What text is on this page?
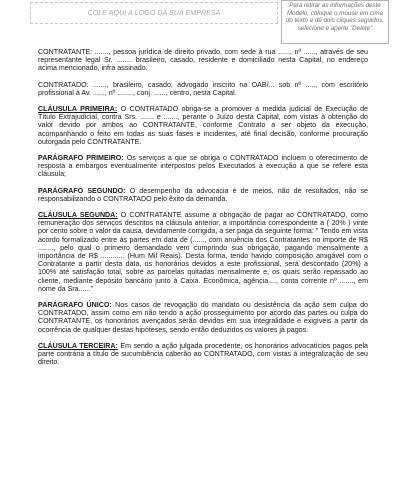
COLE AQUI A LOGO DA SUA EMPRESA
Para retirar as informações deste Modelo, coloque o mouse em cima do texto e dê dois cliques seguidos, selecione e aperte "Delete"

CONTRATANTE: ......., pessoa jurídica de direito privado, com sede à rua ......, nº ......, através de seu representante legal Sr. ........ brasileiro, casado, residente e domiciliado nesta Capital, no endereço acima mencionado, infra assinado.

CONTRATADO: ......., brasileiro, casado, advogado inscrito na OAB/... sob nº ....., com escritório profissional à Av. ......, nº ........, conj. ......, centro, nesta Capital.

CLÁUSULA PRIMEIRA: O CONTRATADO obriga-se a promover a medida judicial de Execução de Título Extrajudicial, contra Srs. ....... e ......., perante o Juízo desta Capital, com vistas à obtenção do valor devido por ambos ao CONTRATANTE, conforme Contrato a ser objeto da execução, acompanhando o feito em todas as suas fases e incidentes, até final decisão, conforme procuração outorgada pelo CONTRATANTE.

PARÁGRAFO PRIMEIRO: Os serviços a que se obriga o CONTRATADO incluem o oferecimento de resposta a embargos eventualmente interpostos pelos Executados à execução a que se refere esta cláusula;

PARÁGRAFO SEGUNDO: O desempenho da advocacia é de meios, não de resultados, não se responsabilizando o CONTRATADO pelo êxito da demanda.

CLÁUSULA SEGUNDA: O CONTRATANTE assume a obrigação de pagar ao CONTRATADO, como remuneração dos serviços descritos na cláusula anterior, a importância correspondente a ( 20% ) vinte por cento sobre o valor da causa, devidamente corrigida, a ser paga da seguinte forma: " Tendo em vista acordo formalizado entre às partes em data de (......, com anuência dos Contratantes no importe de R$ ........, pelo qual o primeiro demandado vem cumprindo sua obrigação, pagando mensalmente a importância de R$ ............ (Hum Mil Reais). Desta forma, tendo havido composição amigável com o Contratante a partir desta data, os honorários devidos a este profissional, será descontado (20%) a 100% até satisfação total, sobre as parcelas quitadas mensalmente e, os quais serão repassado ao cliente, mediante depósito bancário junto à Caixa. Econômica, agência...., conta corrente nº ......., em nome da Sra......"

PARÁGRAFO ÚNICO: Nos casos de revogação do mandato ou desistência da ação sem culpa do CONTRATADO, assim como em não tendo a ação prosseguimento por acordo das partes ou culpa do CONTRATANTE, os honorários avençados serão devidos em sua integralidade e exigíveis a partir da ocorrência de qualquer destas hipóteses, sendo então deduzidos os valores já pagos.

CLÁUSULA TERCEIRA: Em sendo a ação julgada procedente, os honorários advocatícios pagos pela parte contrária a título de sucumbência caberão ao CONTRATADO, com vistas à integralização de seu direito.
